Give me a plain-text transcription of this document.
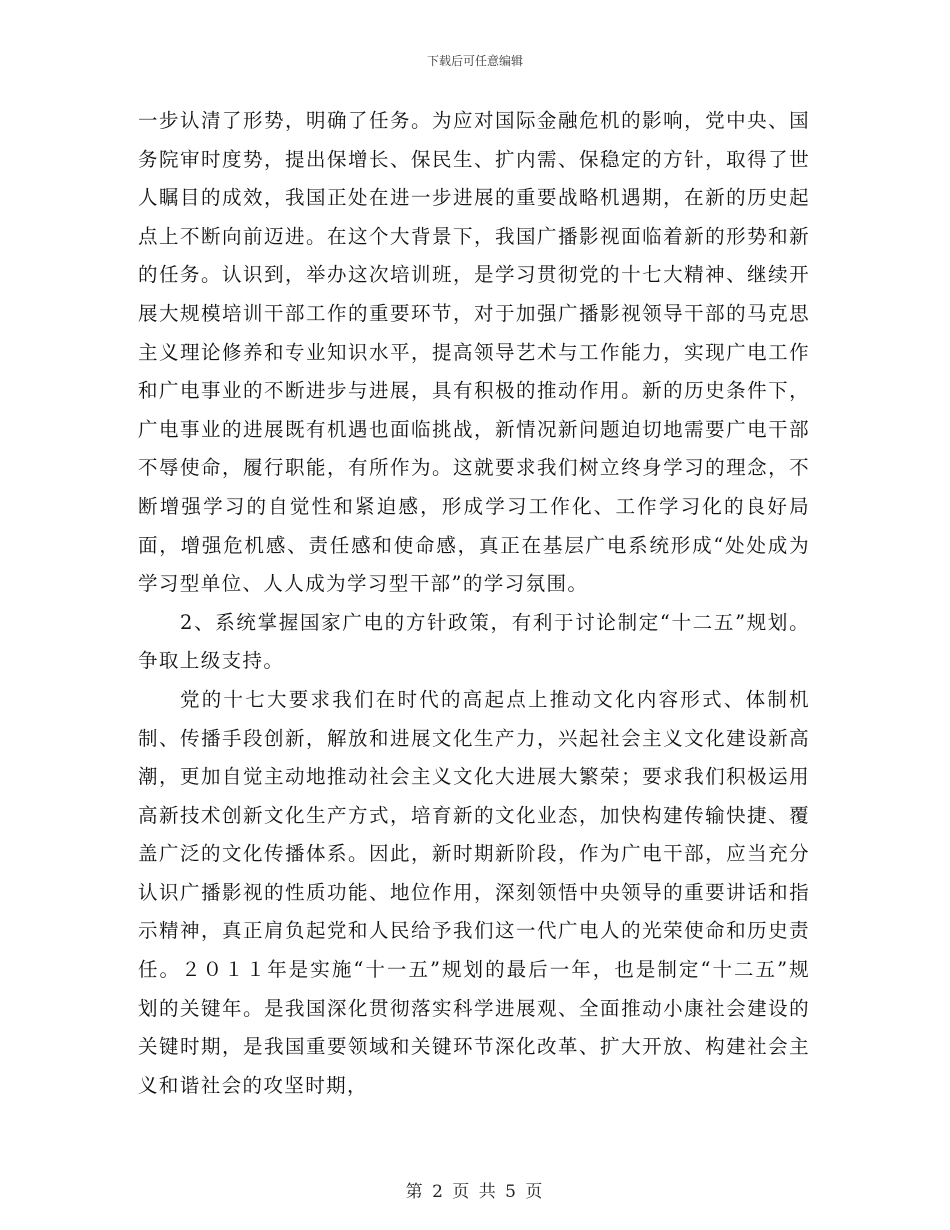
下载后可任意编辑

一步认清了形势，明确了任务。为应对国际金融危机的影响，党中央、国务院审时度势，提出保增长、保民生、扩内需、保稳定的方针，取得了世人瞩目的成效，我国正处在进一步进展的重要战略机遇期，在新的历史起点上不断向前迈进。在这个大背景下，我国广播影视面临着新的形势和新的任务。认识到，举办这次培训班，是学习贯彻党的十七大精神、继续开展大规模培训干部工作的重要环节，对于加强广播影视领导干部的马克思主义理论修养和专业知识水平，提高领导艺术与工作能力，实现广电工作和广电事业的不断进步与进展，具有积极的推动作用。新的历史条件下，广电事业的进展既有机遇也面临挑战，新情况新问题迫切地需要广电干部不辱使命，履行职能，有所作为。这就要求我们树立终身学习的理念，不断增强学习的自觉性和紧迫感，形成学习工作化、工作学习化的良好局面，增强危机感、责任感和使命感，真正在基层广电系统形成“处处成为学习型单位、人人成为学习型干部”的学习氛围。

2、系统掌握国家广电的方针政策，有利于讨论制定“十二五”规划。争取上级支持。

党的十七大要求我们在时代的高起点上推动文化内容形式、体制机制、传播手段创新，解放和进展文化生产力，兴起社会主义文化建设新高潮，更加自觉主动地推动社会主义文化大进展大繁荣；要求我们积极运用高新技术创新文化生产方式，培育新的文化业态，加快构建传输快捷、覆盖广泛的文化传播体系。因此，新时期新阶段，作为广电干部，应当充分认识广播影视的性质功能、地位作用，深刻领悟中央领导的重要讲话和指示精神，真正肩负起党和人民给予我们这一代广电人的光荣使命和历史责任。２０１１年是实施“十一五”规划的最后一年，也是制定“十二五”规划的关键年。是我国深化贯彻落实科学进展观、全面推动小康社会建设的关键时期，是我国重要领域和关键环节深化改革、扩大开放、构建社会主义和谐社会的攻坚时期，

第 2 页 共 5 页
